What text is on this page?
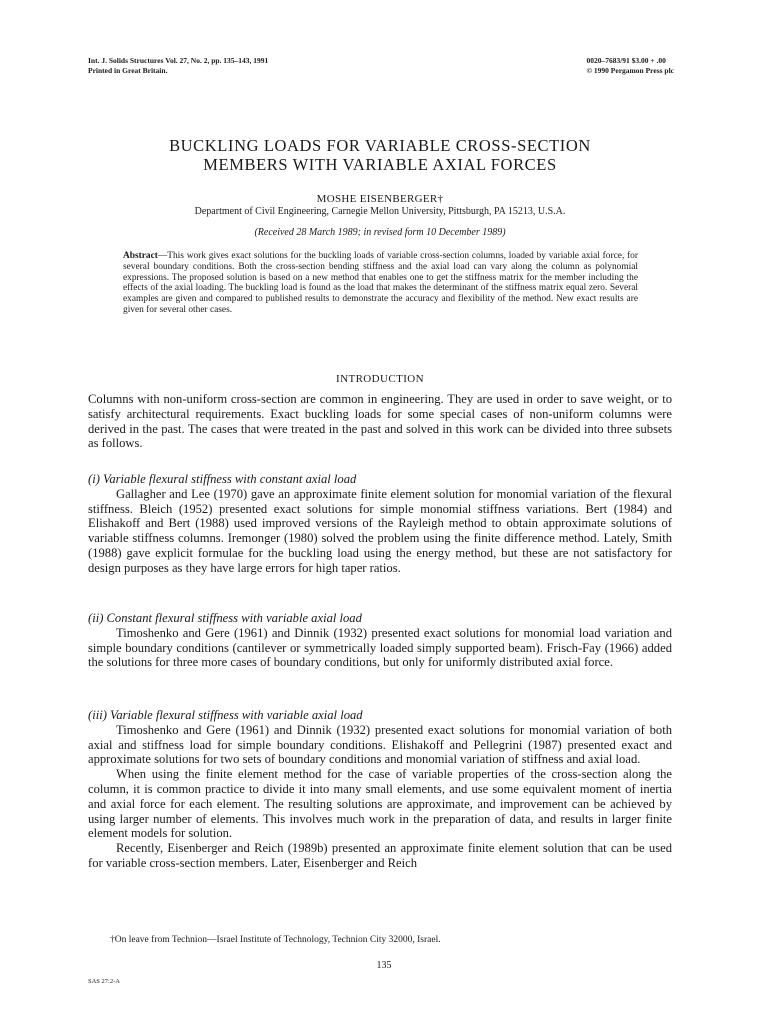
Int. J. Solids Structures Vol. 27, No. 2, pp. 135–143, 1991
Printed in Great Britain.
0020–7683/91 $3.00 + .00
© 1990 Pergamon Press plc
BUCKLING LOADS FOR VARIABLE CROSS-SECTION
MEMBERS WITH VARIABLE AXIAL FORCES
MOSHE EISENBERGER†
Department of Civil Engineering, Carnegie Mellon University, Pittsburgh, PA 15213, U.S.A.
(Received 28 March 1989; in revised form 10 December 1989)
Abstract—This work gives exact solutions for the buckling loads of variable cross-section columns, loaded by variable axial force, for several boundary conditions. Both the cross-section bending stiffness and the axial load can vary along the column as polynomial expressions. The proposed solution is based on a new method that enables one to get the stiffness matrix for the member including the effects of the axial loading. The buckling load is found as the load that makes the determinant of the stiffness matrix equal zero. Several examples are given and compared to published results to demonstrate the accuracy and flexibility of the method. New exact results are given for several other cases.
INTRODUCTION

Columns with non-uniform cross-section are common in engineering. They are used in order to save weight, or to satisfy architectural requirements. Exact buckling loads for some special cases of non-uniform columns were derived in the past. The cases that were treated in the past and solved in this work can be divided into three subsets as follows.

(i) Variable flexural stiffness with constant axial load

Gallagher and Lee (1970) gave an approximate finite element solution for monomial variation of the flexural stiffness. Bleich (1952) presented exact solutions for simple monomial stiffness variations. Bert (1984) and Elishakoff and Bert (1988) used improved versions of the Rayleigh method to obtain approximate solutions of variable stiffness columns. Iremonger (1980) solved the problem using the finite difference method. Lately, Smith (1988) gave explicit formulae for the buckling load using the energy method, but these are not satisfactory for design purposes as they have large errors for high taper ratios.

(ii) Constant flexural stiffness with variable axial load

Timoshenko and Gere (1961) and Dinnik (1932) presented exact solutions for monomial load variation and simple boundary conditions (cantilever or symmetrically loaded simply supported beam). Frisch-Fay (1966) added the solutions for three more cases of boundary conditions, but only for uniformly distributed axial force.

(iii) Variable flexural stiffness with variable axial load

Timoshenko and Gere (1961) and Dinnik (1932) presented exact solutions for monomial variation of both axial and stiffness load for simple boundary conditions. Elishakoff and Pellegrini (1987) presented exact and approximate solutions for two sets of boundary conditions and monomial variation of stiffness and axial load.

When using the finite element method for the case of variable properties of the cross-section along the column, it is common practice to divide it into many small elements, and use some equivalent moment of inertia and axial force for each element. The resulting solutions are approximate, and improvement can be achieved by using larger number of elements. This involves much work in the preparation of data, and results in larger finite element models for solution.

Recently, Eisenberger and Reich (1989b) presented an approximate finite element solution that can be used for variable cross-section members. Later, Eisenberger and Reich

†On leave from Technion—Israel Institute of Technology, Technion City 32000, Israel.
135
SAS 27:2-A
